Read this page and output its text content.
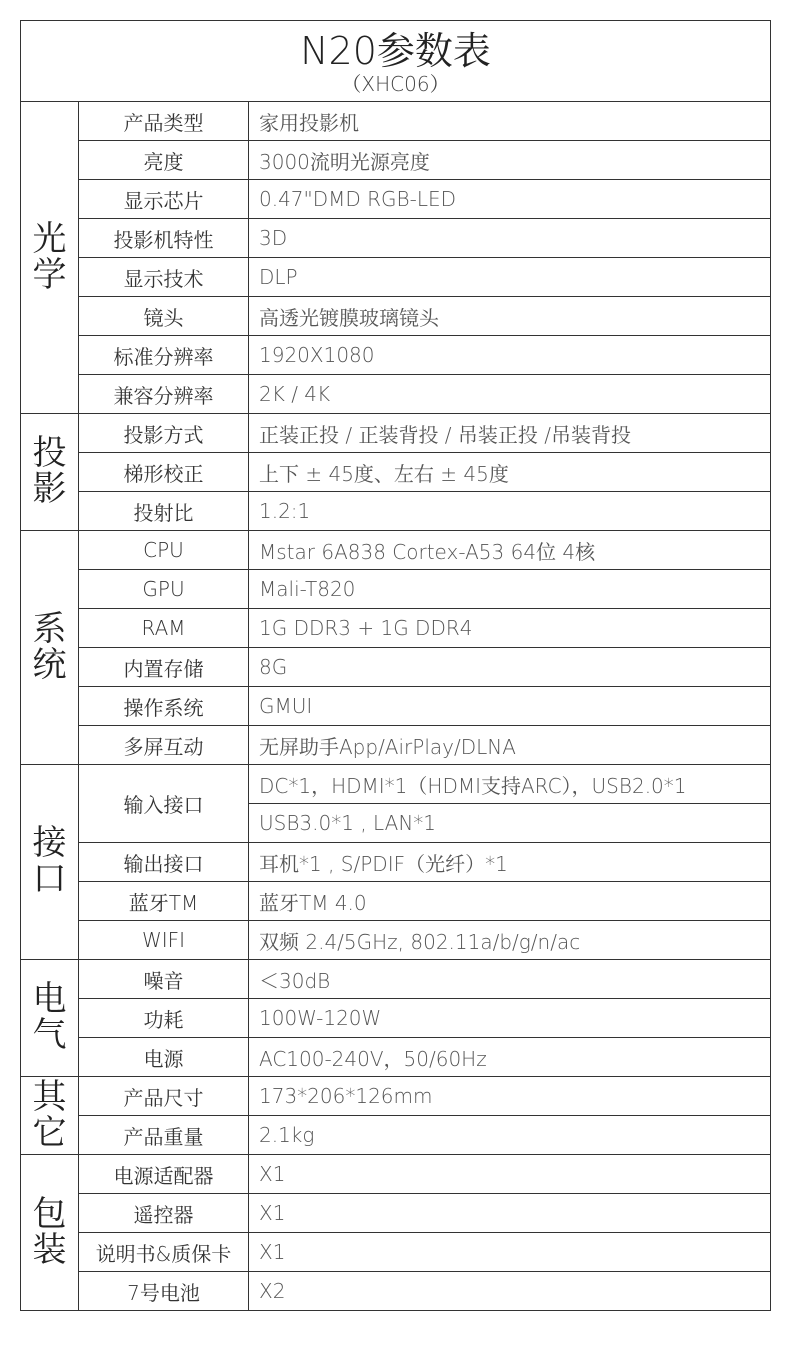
N20参数表
（XHC06）		

光
学	产品类型	家用投影机
	亮度	3000流明光源亮度
	显示芯片	0.47"DMD RGB-LED
	投影机特性	3D
	显示技术	DLP
	镜头	高透光镀膜玻璃镜头
	标准分辨率	1920X1080
	兼容分辨率	2K / 4K
投
影	投影方式	正装正投 / 正装背投 / 吊装正投 /吊装背投
	梯形校正	上下 ± 45度、左右 ± 45度
	投射比	1.2:1
系
统	CPU	Mstar 6A838 Cortex-A53 64位 4核
	GPU	Mali-T820
	RAM	1G DDR3 + 1G DDR4
	内置存储	8G
	操作系统	GMUI
	多屏互动	无屏助手App/AirPlay/DLNA
接
口	输入接口	DC*1，HDMI*1（HDMI支持ARC），USB2.0*1
		USB3.0*1 , LAN*1
	输出接口	耳机*1 , S/PDIF（光纤）*1
	蓝牙TM	蓝牙TM 4.0
	WIFI	双频 2.4/5GHz, 802.11a/b/g/n/ac
电
气	噪音	＜30dB
	功耗	100W-120W
	电源	AC100-240V，50/60Hz
其
它	产品尺寸	173*206*126mm
	产品重量	2.1kg
包
装	电源适配器	X1
	遥控器	X1
	说明书&质保卡	X1
	7号电池	X2
